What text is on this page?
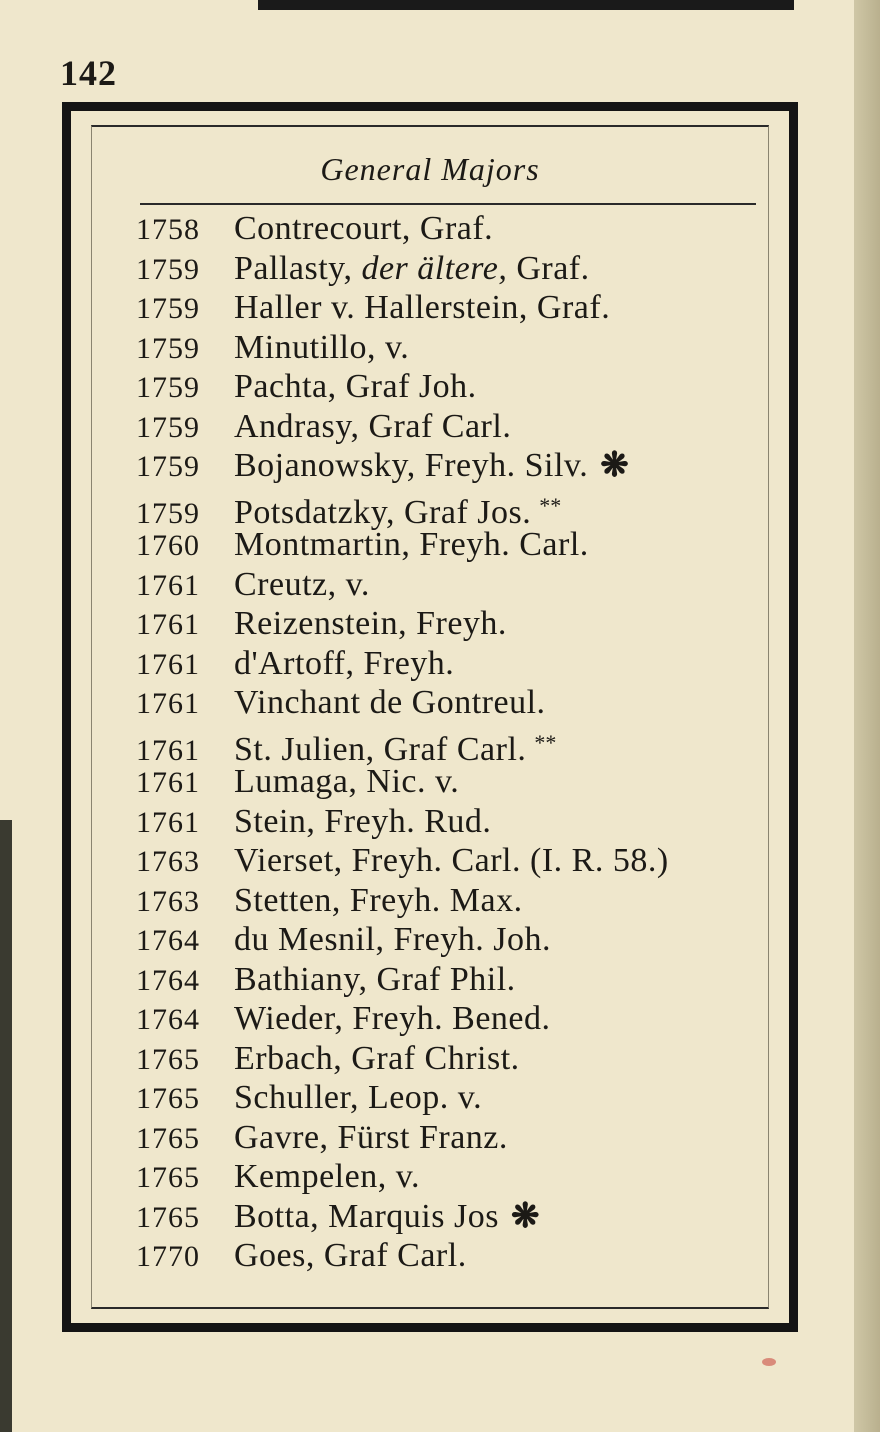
142
General Majors
1758 Contrecourt, Graf.
1759 Pallasty, der ältere, Graf.
1759 Haller v. Hallerstein, Graf.
1759 Minutillo, v.
1759 Pachta, Graf Joh.
1759 Andrasy, Graf Carl.
1759 Bojanowsky, Freyh. Silv. ❋
1759 Potsdatzky, Graf Jos. **
1760 Montmartin, Freyh. Carl.
1761 Creutz, v.
1761 Reizenstein, Freyh.
1761 d'Artoff, Freyh.
1761 Vinchant de Gontreul.
1761 St. Julien, Graf Carl. **
1761 Lumaga, Nic. v.
1761 Stein, Freyh. Rud.
1763 Vierset, Freyh. Carl. (I. R. 58.)
1763 Stetten, Freyh. Max.
1764 du Mesnil, Freyh. Joh.
1764 Bathiany, Graf Phil.
1764 Wieder, Freyh. Bened.
1765 Erbach, Graf Christ.
1765 Schuller, Leop. v.
1765 Gavre, Fürst Franz.
1765 Kempelen, v.
1765 Botta, Marquis Jos ❋
1770 Goes, Graf Carl.
